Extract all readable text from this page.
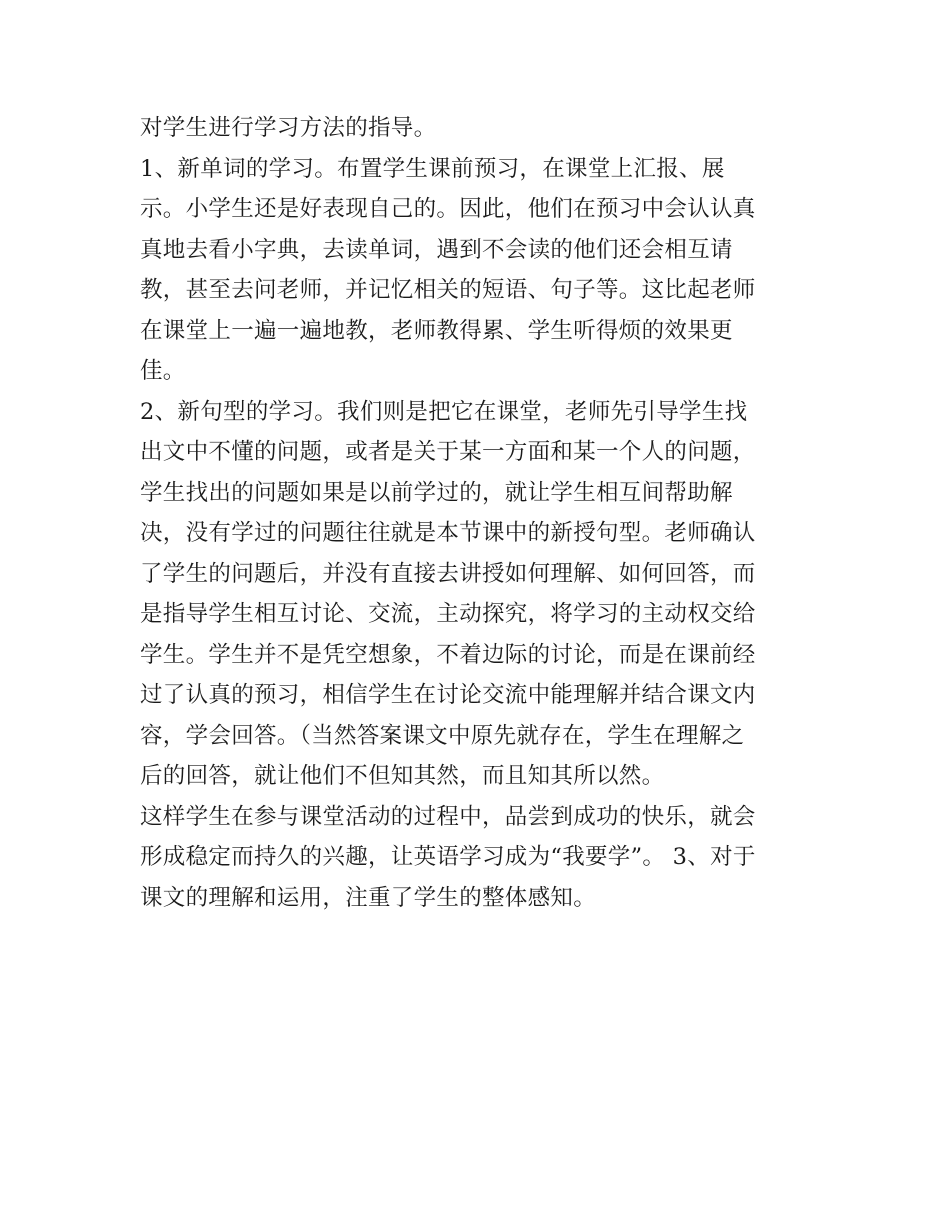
对学生进行学习方法的指导。
1、新单词的学习。布置学生课前预习，在课堂上汇报、展
示。小学生还是好表现自己的。因此，他们在预习中会认认真
真地去看小字典，去读单词，遇到不会读的他们还会相互请
教，甚至去问老师，并记忆相关的短语、句子等。这比起老师
在课堂上一遍一遍地教，老师教得累、学生听得烦的效果更
佳。
2、新句型的学习。我们则是把它在课堂，老师先引导学生找
出文中不懂的问题，或者是关于某一方面和某一个人的问题，
学生找出的问题如果是以前学过的，就让学生相互间帮助解
决，没有学过的问题往往就是本节课中的新授句型。老师确认
了学生的问题后，并没有直接去讲授如何理解、如何回答，而
是指导学生相互讨论、交流，主动探究，将学习的主动权交给
学生。学生并不是凭空想象，不着边际的讨论，而是在课前经
过了认真的预习，相信学生在讨论交流中能理解并结合课文内
容，学会回答。（当然答案课文中原先就存在，学生在理解之
后的回答，就让他们不但知其然，而且知其所以然。
这样学生在参与课堂活动的过程中，品尝到成功的快乐，就会
形成稳定而持久的兴趣，让英语学习成为“我要学”。 3、对于
课文的理解和运用，注重了学生的整体感知。
